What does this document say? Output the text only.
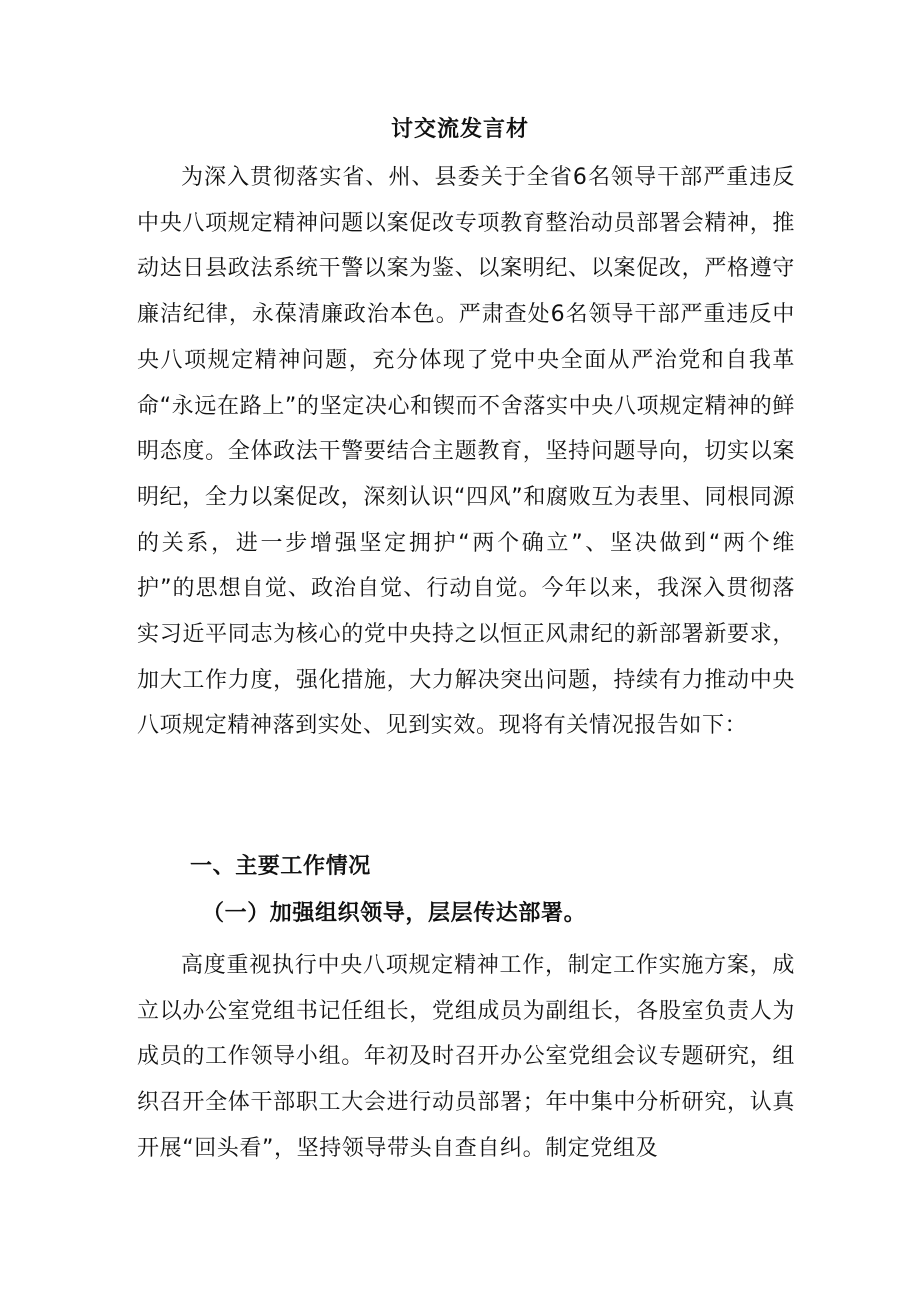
讨交流发言材

为深入贯彻落实省、州、县委关于全省6名领导干部严重违反中央八项规定精神问题以案促改专项教育整治动员部署会精神，推动达日县政法系统干警以案为鉴、以案明纪、以案促改，严格遵守廉洁纪律，永葆清廉政治本色。严肃查处6名领导干部严重违反中央八项规定精神问题，充分体现了党中央全面从严治党和自我革命“永远在路上”的坚定决心和锲而不舍落实中央八项规定精神的鲜明态度。全体政法干警要结合主题教育，坚持问题导向，切实以案明纪，全力以案促改，深刻认识“四风”和腐败互为表里、同根同源的关系，进一步增强坚定拥护“两个确立”、坚决做到“两个维护”的思想自觉、政治自觉、行动自觉。今年以来，我深入贯彻落实习近平同志为核心的党中央持之以恒正风肃纪的新部署新要求，加大工作力度，强化措施，大力解决突出问题，持续有力推动中央八项规定精神落到实处、见到实效。现将有关情况报告如下：

一、主要工作情况
（一）加强组织领导，层层传达部署。

高度重视执行中央八项规定精神工作，制定工作实施方案，成立以办公室党组书记任组长，党组成员为副组长，各股室负责人为成员的工作领导小组。年初及时召开办公室党组会议专题研究，组织召开全体干部职工大会进行动员部署；年中集中分析研究，认真开展“回头看”，坚持领导带头自查自纠。制定党组及
